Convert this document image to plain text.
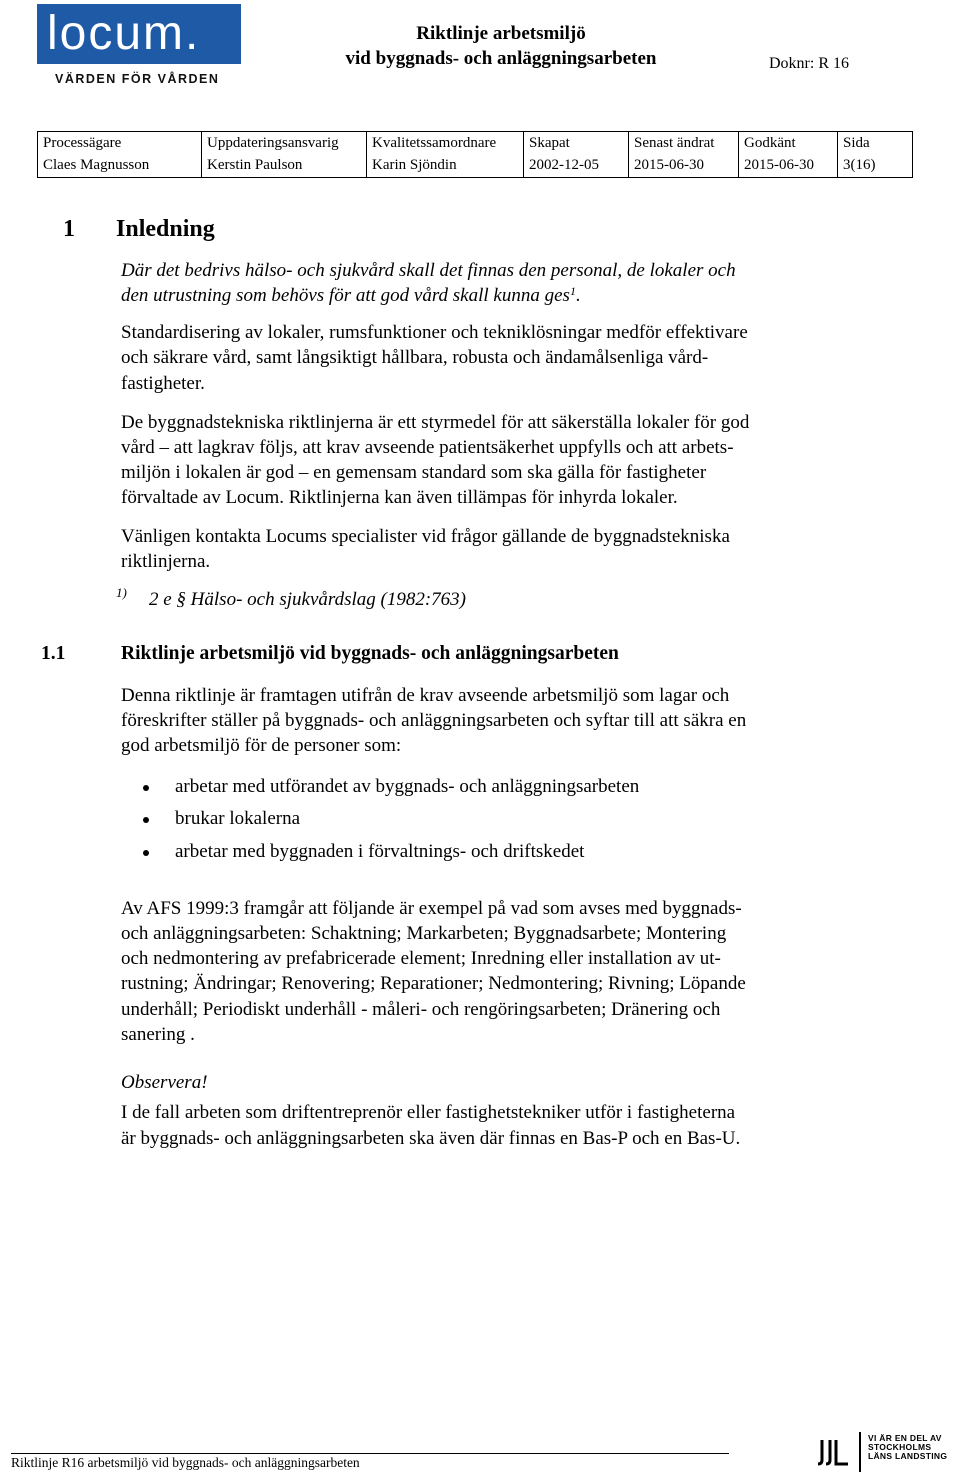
locum.
VÄRDEN FÖR VÅRDEN
Riktlinje arbetsmiljö
vid byggnads- och anläggningsarbeten	Doknr: R 16
Processägare
Claes Magnusson
Uppdateringsansvarig
Kerstin Paulson
Kvalitetssamordnare
Karin Sjöndin
Skapat
2002-12-05
Senast ändrat
2015-06-30
Godkänt
2015-06-30
Sida
3(16)
1 Inledning
Där det bedrivs hälso- och sjukvård skall det finnas den personal, de lokaler och
den utrustning som behövs för att god vård skall kunna ges$^1$.
Standardisering av lokaler, rumsfunktioner och tekniklösningar medför effektivare
och säkrare vård, samt långsiktigt hållbara, robusta och ändamålsenliga vård-
fastigheter.
De byggnadstekniska riktlinjerna är ett styrmedel för att säkerställa lokaler för god
vård – att lagkrav följs, att krav avseende patientsäkerhet uppfylls och att arbets-
miljön i lokalen är god – en gemensam standard som ska gälla för fastigheter
förvaltade av Locum. Riktlinjerna kan även tillämpas för inhyrda lokaler.
Vänligen kontakta Locums specialister vid frågor gällande de byggnadstekniska
riktlinjerna.
1) 2 e § Hälso- och sjukvårdslag (1982:763)
1.1	Riktlinje arbetsmiljö vid byggnads- och anläggningsarbeten
Denna riktlinje är framtagen utifrån de krav avseende arbetsmiljö som lagar och
föreskrifter ställer på byggnads- och anläggningsarbeten och syftar till att säkra en
god arbetsmiljö för de personer som:
arbetar med utförandet av byggnads- och anläggningsarbeten
brukar lokalerna
arbetar med byggnaden i förvaltnings- och driftskedet
Av AFS 1999:3 framgår att följande är exempel på vad som avses med byggnads-
och anläggningsarbeten: Schaktning; Markarbeten; Byggnadsarbete; Montering
och nedmontering av prefabricerade element; Inredning eller installation av ut-
rustning; Ändringar; Renovering; Reparationer; Nedmontering; Rivning; Löpande
underhåll; Periodiskt underhåll - måleri- och rengöringsarbeten; Dränering och
sanering .
Observera!
I de fall arbeten som driftentreprenör eller fastighetstekniker utför i fastigheterna
är byggnads- och anläggningsarbeten ska även där finnas en Bas-P och en Bas-U.
Riktlinje R16 arbetsmiljö vid byggnads- och anläggningsarbeten
VI ÄR EN DEL AV
STOCKHOLMS
LÄNS LANDSTING
